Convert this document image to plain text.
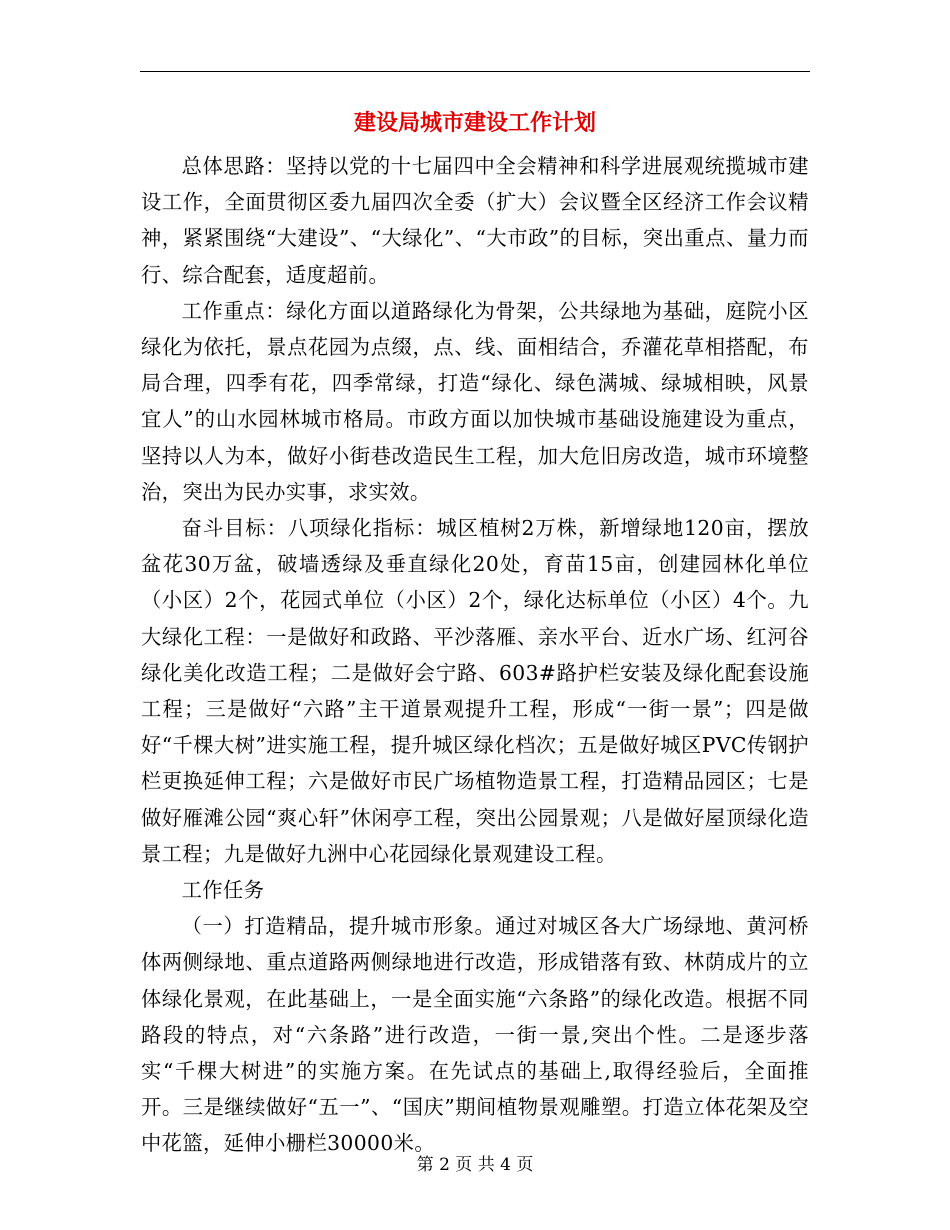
建设局城市建设工作计划

总体思路：坚持以党的十七届四中全会精神和科学进展观统揽城市建设工作，全面贯彻区委九届四次全委（扩大）会议暨全区经济工作会议精神，紧紧围绕“大建设”、“大绿化”、“大市政”的目标，突出重点、量力而行、综合配套，适度超前。

工作重点：绿化方面以道路绿化为骨架，公共绿地为基础，庭院小区绿化为依托，景点花园为点缀，点、线、面相结合，乔灌花草相搭配，布局合理，四季有花，四季常绿，打造“绿化、绿色满城、绿城相映，风景宜人”的山水园林城市格局。市政方面以加快城市基础设施建设为重点，坚持以人为本，做好小街巷改造民生工程，加大危旧房改造，城市环境整治，突出为民办实事，求实效。

奋斗目标：八项绿化指标：城区植树2万株，新增绿地120亩，摆放盆花30万盆，破墙透绿及垂直绿化20处，育苗15亩，创建园林化单位（小区）2个，花园式单位（小区）2个，绿化达标单位（小区）4个。九大绿化工程：一是做好和政路、平沙落雁、亲水平台、近水广场、红河谷绿化美化改造工程；二是做好会宁路、603#路护栏安装及绿化配套设施工程；三是做好“六路”主干道景观提升工程，形成“一街一景”；四是做好“千棵大树”进实施工程，提升城区绿化档次；五是做好城区PVC传钢护栏更换延伸工程；六是做好市民广场植物造景工程，打造精品园区；七是做好雁滩公园“爽心轩”休闲亭工程，突出公园景观；八是做好屋顶绿化造景工程；九是做好九洲中心花园绿化景观建设工程。

工作任务

（一）打造精品，提升城市形象。通过对城区各大广场绿地、黄河桥体两侧绿地、重点道路两侧绿地进行改造，形成错落有致、林荫成片的立体绿化景观，在此基础上，一是全面实施“六条路”的绿化改造。根据不同路段的特点，对“六条路”进行改造，一街一景,突出个性。二是逐步落实“千棵大树进”的实施方案。在先试点的基础上,取得经验后，全面推开。三是继续做好“五一”、“国庆”期间植物景观雕塑。打造立体花架及空中花篮，延伸小栅栏30000米。

第 2 页 共 4 页
